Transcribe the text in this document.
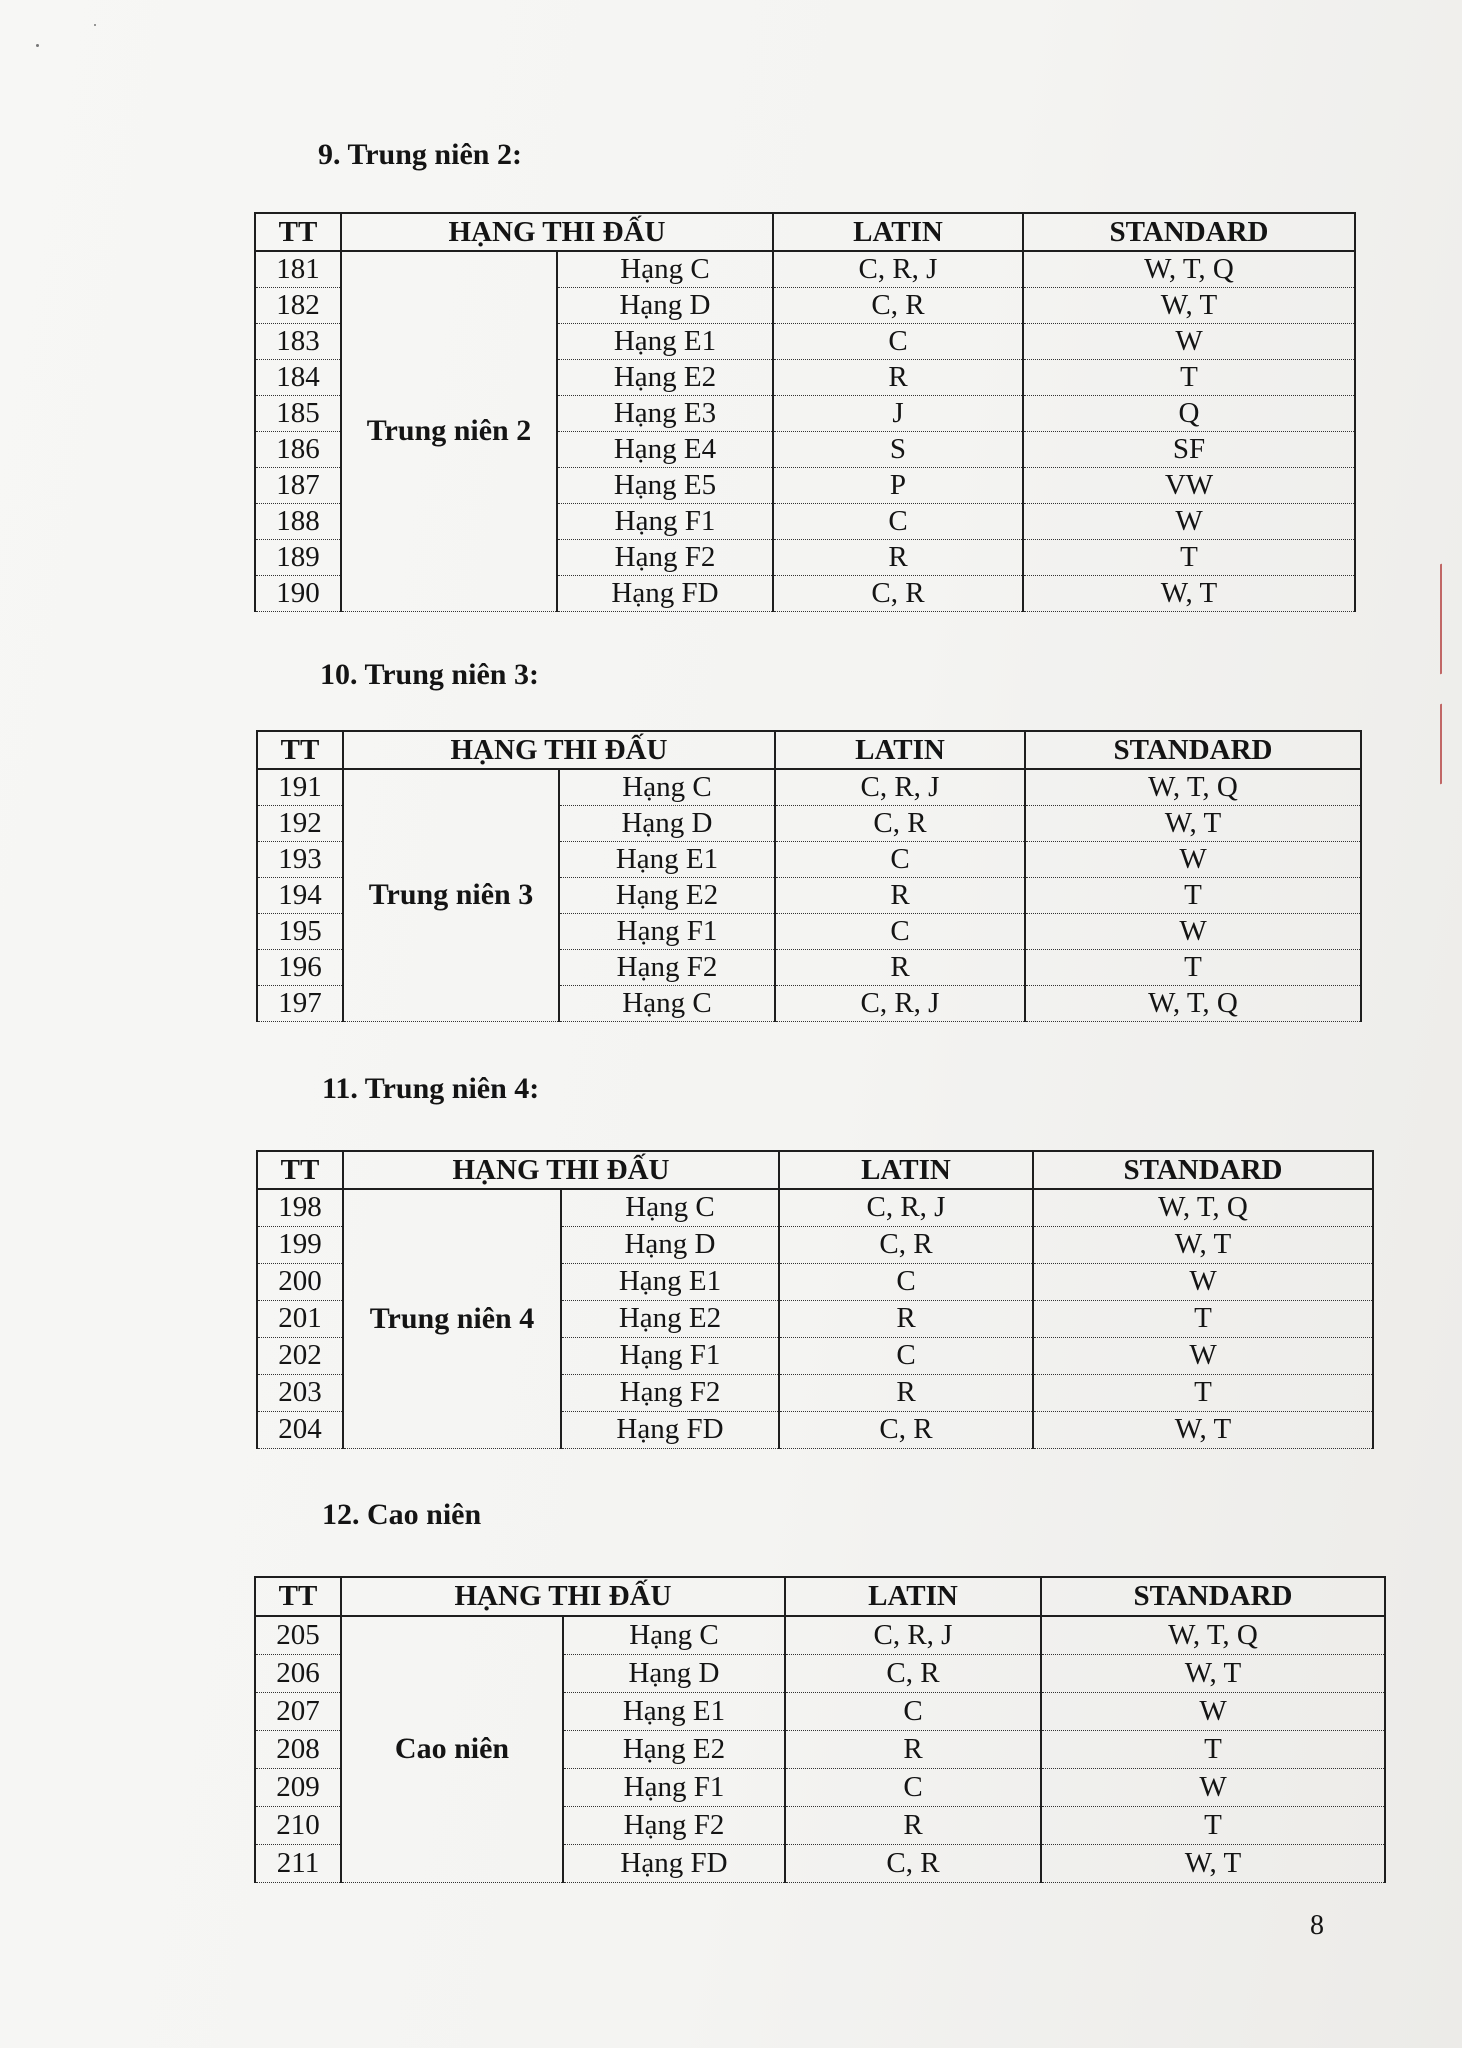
9. Trung niên 2:
TT	HẠNG THI ĐẤU		LATIN	STANDARD
181	Trung niên 2	Hạng C	C, R, J	W, T, Q
182		Hạng D	C, R	W, T
183		Hạng E1	C	W
184		Hạng E2	R	T
185		Hạng E3	J	Q
186		Hạng E4	S	SF
187		Hạng E5	P	VW
188		Hạng F1	C	W
189		Hạng F2	R	T
190		Hạng FD	C, R	W, T
10. Trung niên 3:
TT	HẠNG THI ĐẤU		LATIN	STANDARD
191	Trung niên 3	Hạng C	C, R, J	W, T, Q
192		Hạng D	C, R	W, T
193		Hạng E1	C	W
194		Hạng E2	R	T
195		Hạng F1	C	W
196		Hạng F2	R	T
197		Hạng C	C, R, J	W, T, Q
11. Trung niên 4:
TT	HẠNG THI ĐẤU		LATIN	STANDARD
198	Trung niên 4	Hạng C	C, R, J	W, T, Q
199		Hạng D	C, R	W, T
200		Hạng E1	C	W
201		Hạng E2	R	T
202		Hạng F1	C	W
203		Hạng F2	R	T
204		Hạng FD	C, R	W, T
12. Cao niên
TT	HẠNG THI ĐẤU		LATIN	STANDARD
205	Cao niên	Hạng C	C, R, J	W, T, Q
206		Hạng D	C, R	W, T
207		Hạng E1	C	W
208		Hạng E2	R	T
209		Hạng F1	C	W
210		Hạng F2	R	T
211		Hạng FD	C, R	W, T
8
